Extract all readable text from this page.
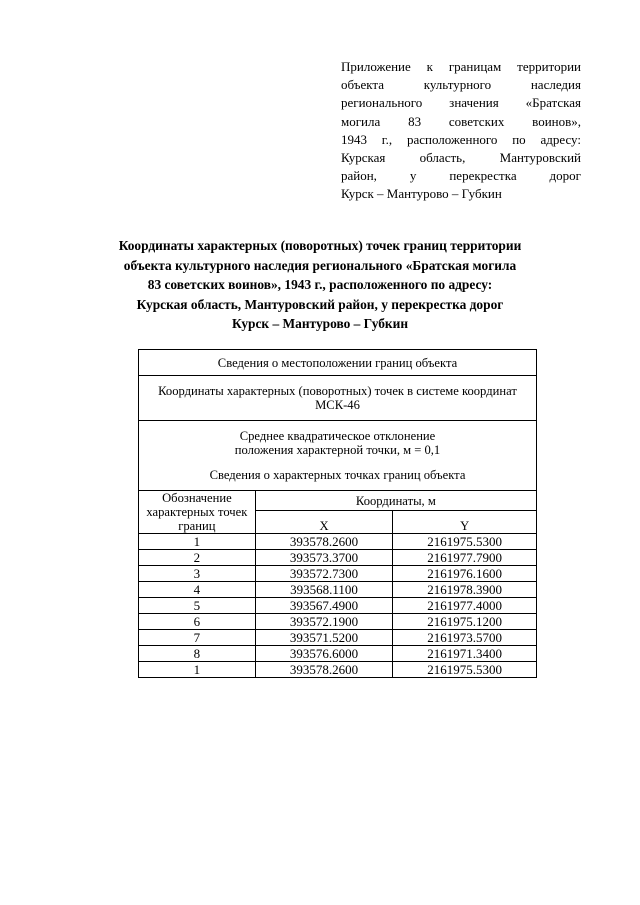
Приложение к границам территории
объекта культурного наследия
регионального значения «Братская
могила 83 советских воинов»,
1943 г., расположенного по адресу:
Курская область, Мантуровский
район, у перекрестка дорог
Курск – Мантурово – Губкин
Координаты характерных (поворотных) точек границ территории
объекта культурного наследия регионального «Братская могила
83 советских воинов», 1943 г., расположенного по адресу:
Курская область, Мантуровский район, у перекрестка дорог
Курск – Мантурово – Губкин
Сведения о местоположении границ объекта		
Координаты характерных (поворотных) точек в системе координат
МСК-46		
Среднее квадратическое отклонение
положения характерной точки, м = 0,1
Сведения о характерных точках границ объекта		
Обозначение характерных точек границ	Координаты, м	
	X	Y
1	393578.2600	2161975.5300
2	393573.3700	2161977.7900
3	393572.7300	2161976.1600
4	393568.1100	2161978.3900
5	393567.4900	2161977.4000
6	393572.1900	2161975.1200
7	393571.5200	2161973.5700
8	393576.6000	2161971.3400
1	393578.2600	2161975.5300
